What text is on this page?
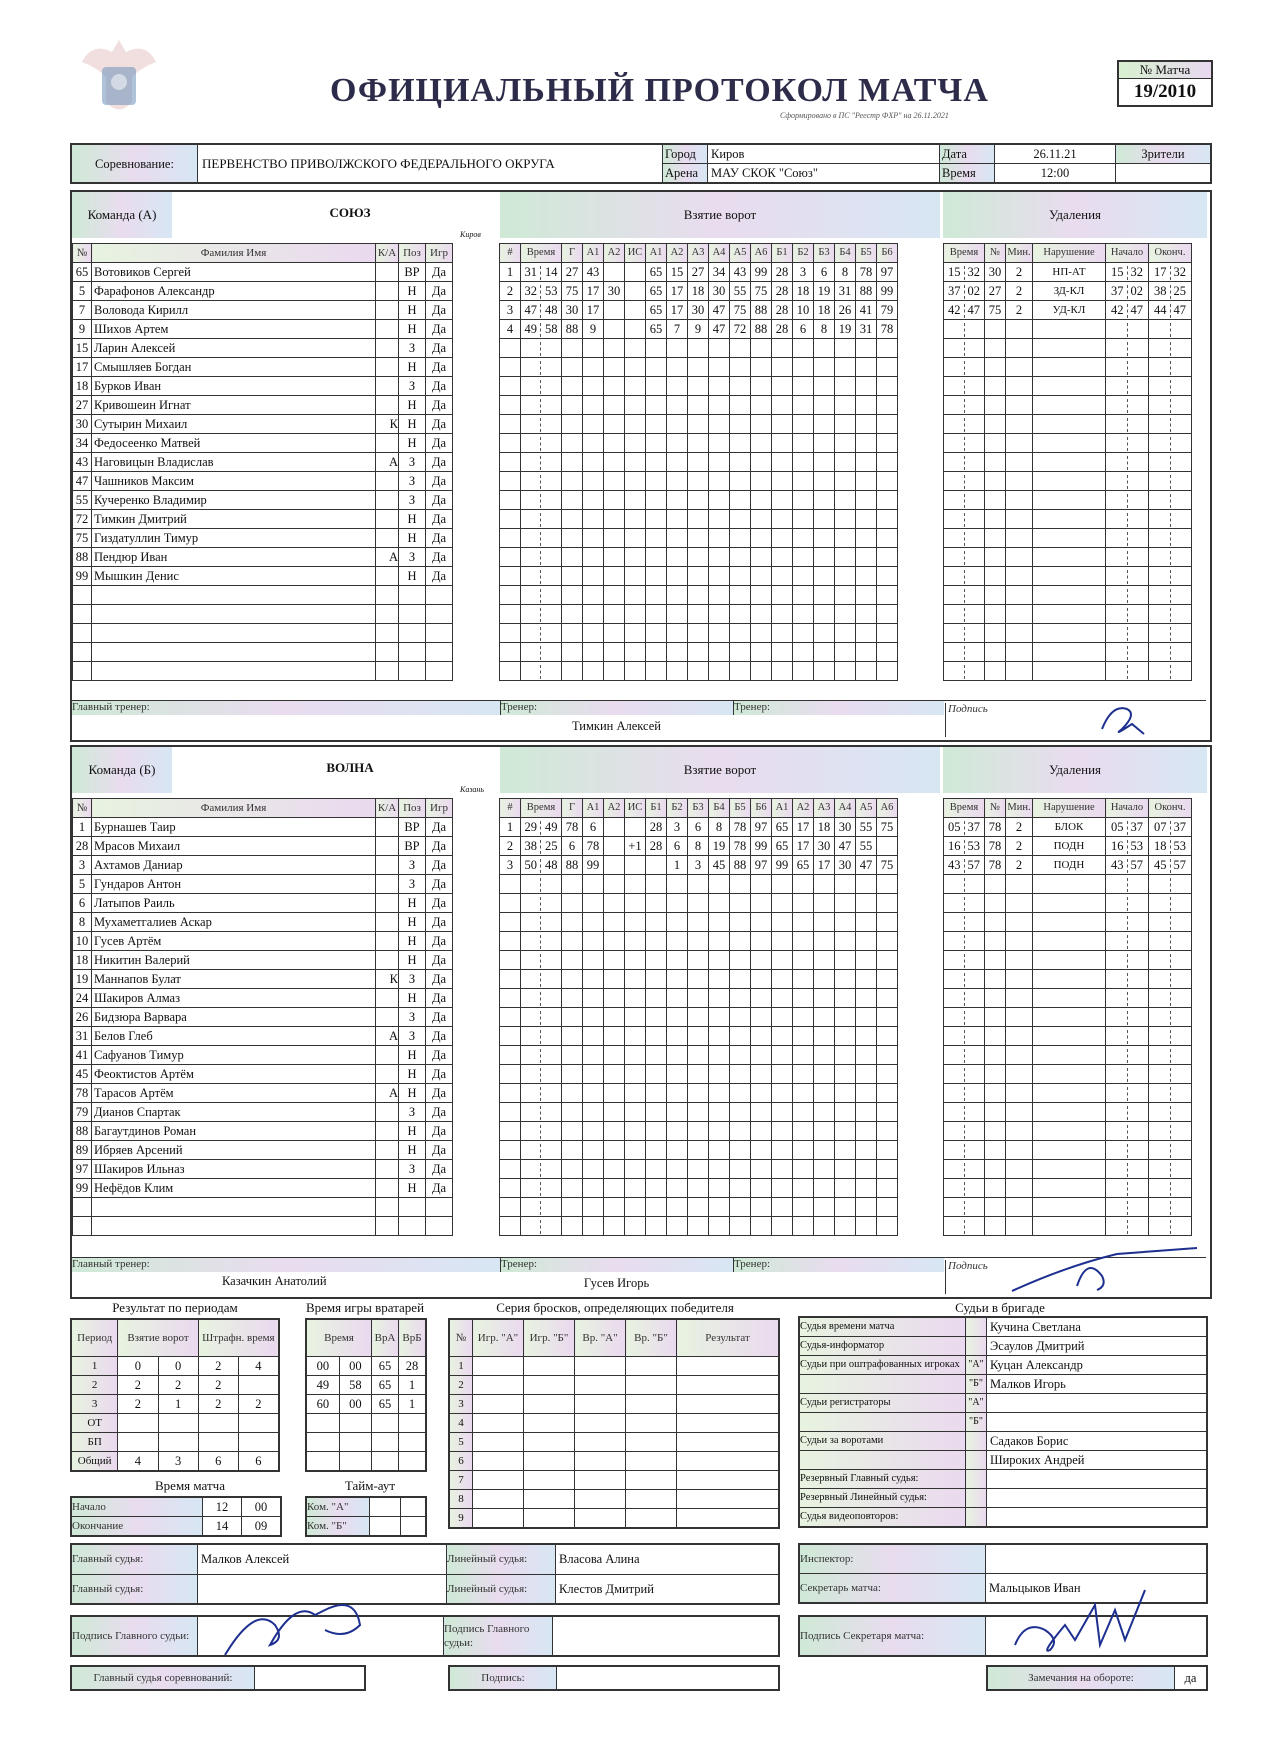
ОФИЦИАЛЬНЫЙ ПРОТОКОЛ МАТЧА
Сформировано в ПС "Реестр ФХР" на 26.11.2021
№ Матча
19/2010
Соревнование:	ПЕРВЕНСТВО ПРИВОЛЖСКОГО ФЕДЕРАЛЬНОГО ОКРУГА	Город	Киров	Дата	26.11.21	Зрители
		Арена	МАУ СКОК "Союз"	Время	12:00	
Команда (А)	СОЮЗ
Киров
Взятие ворот	Удаления
№	Фамилия Имя	К/А	Поз	Игр
65	Вотовиков Сергей		ВР	Да
5	Фарафонов Александр		Н	Да
7	Воловода Кирилл		Н	Да
9	Шихов Артем		Н	Да
15	Ларин Алексей		З	Да
17	Смышляев Богдан		Н	Да
18	Бурков Иван		З	Да
27	Кривошеин Игнат		Н	Да
30	Сутырин Михаил	К	Н	Да
34	Федосеенко Матвей		Н	Да
43	Наговицын Владислав	А	З	Да
47	Чашников Максим		З	Да
55	Кучеренко Владимир		З	Да
72	Тимкин Дмитрий		Н	Да
75	Гиздатуллин Тимур		Н	Да
88	Пендюр Иван	А	З	Да
99	Мышкин Денис		Н	Да

#	Время	Г	А1	А2	ИС	А1	А2	А3	А4	А5	А6	Б1	Б2	Б3	Б4	Б5	Б6
1	31 14	27	43			65	15	27	34	43	99	28	3	6	8	78	97
2	32 53	75	17	30		65	17	18	30	55	75	28	18	19	31	88	99
3	47 48	30	17			65	17	30	47	75	88	28	10	18	26	41	79
4	49 58	88	9			65	7	9	47	72	88	28	6	8	19	31	78

Время	№	Мин.	Нарушение	Начало	Оконч.
15 32	30	2	НП-АТ	15 32	17 32
37 02	27	2	ЗД-КЛ	37 02	38 25
42 47	75	2	УД-КЛ	42 47	44 47

Главный тренер:	Тренер:
Тимкин Алексей
Тренер:	Подпись
Команда (Б)	ВОЛНА
Казань
Взятие ворот	Удаления
№	Фамилия Имя	К/А	Поз	Игр
1	Бурнашев Таир		ВР	Да
28	Мрасов Михаил		ВР	Да
3	Ахтамов Даниар		З	Да
5	Гундаров Антон		З	Да
6	Латыпов Раиль		Н	Да
8	Мухаметгалиев Аскар		Н	Да
10	Гусев Артём		Н	Да
18	Никитин Валерий		Н	Да
19	Маннапов Булат	К	З	Да
24	Шакиров Алмаз		Н	Да
26	Бидзюра Варвара		З	Да
31	Белов Глеб	А	З	Да
41	Сафуанов Тимур		Н	Да
45	Феоктистов Артём		Н	Да
78	Тарасов Артём	А	Н	Да
79	Дианов Спартак		З	Да
88	Багаутдинов Роман		Н	Да
89	Ибряев Арсений		Н	Да
97	Шакиров Ильназ		З	Да
99	Нефёдов Клим		Н	Да

#	Время	Г	А1	А2	ИС	Б1	Б2	Б3	Б4	Б5	Б6	А1	А2	А3	А4	А5	А6
1	29 49	78	6			28	3	6	8	78	97	65	17	18	30	55	75
2	38 25	6	78		+1	28	6	8	19	78	99	65	17	30	47	55	
3	50 48	88	99				1	3	45	88	97	99	65	17	30	47	75

Время	№	Мин.	Нарушение	Начало	Оконч.
05 37	78	2	БЛОК	05 37	07 37
16 53	78	2	ПОДН	16 53	18 53
43 57	78	2	ПОДН	43 57	45 57

Главный тренер:
Казачкин Анатолий
Тренер:
Гусев Игорь
Тренер:	Подпись
Результат по периодам
Период	Взятие ворот		Штрафн. время	
1	0	0	2	4
2	2	2	2	
3	2	1	2	2
ОТ				
БП				
Общий	4	3	6	6
Время игры вратарей
Время		ВрА	ВрБ
00	00	65	28
49	58	65	1
60	00	65	1

Время матча
Начало	12	00
Окончание	14	09
Тайм-аут
Ком. "А"		
Ком. "Б"		
Серия бросков, определяющих победителя
№	Игр. "А"	Игр. "Б"	Вр. "А"	Вр. "Б"	Результат
1					
2					
3					
4					
5					
6					
7					
8					
9					
Судьи в бригаде
Судья времени матча		Кучина Светлана
Судья-информатор		Эсаулов Дмитрий
Судьи при оштрафованных игроках	"А"	Куцан Александр
	"Б"	Малков Игорь
Судьи регистраторы	"А"	
	"Б"	
Судьи за воротами		Садаков Борис
		Широких Андрей
Резервный Главный судья:		
Резервный Линейный судья:		
Судья видеоповторов:		
Главный судья:	Малков Алексей	Линейный судья:	Власова Алина
Главный судья:		Линейный судья:	Клестов Дмитрий
Подпись Главного судьи:		Подпись Главного судьи:	
Главный судья соревнований:		Подпись:	
Инспектор:	
Секретарь матча:	Мальцыков Иван
Подпись Секретаря матча:	
Замечания на обороте:	да
